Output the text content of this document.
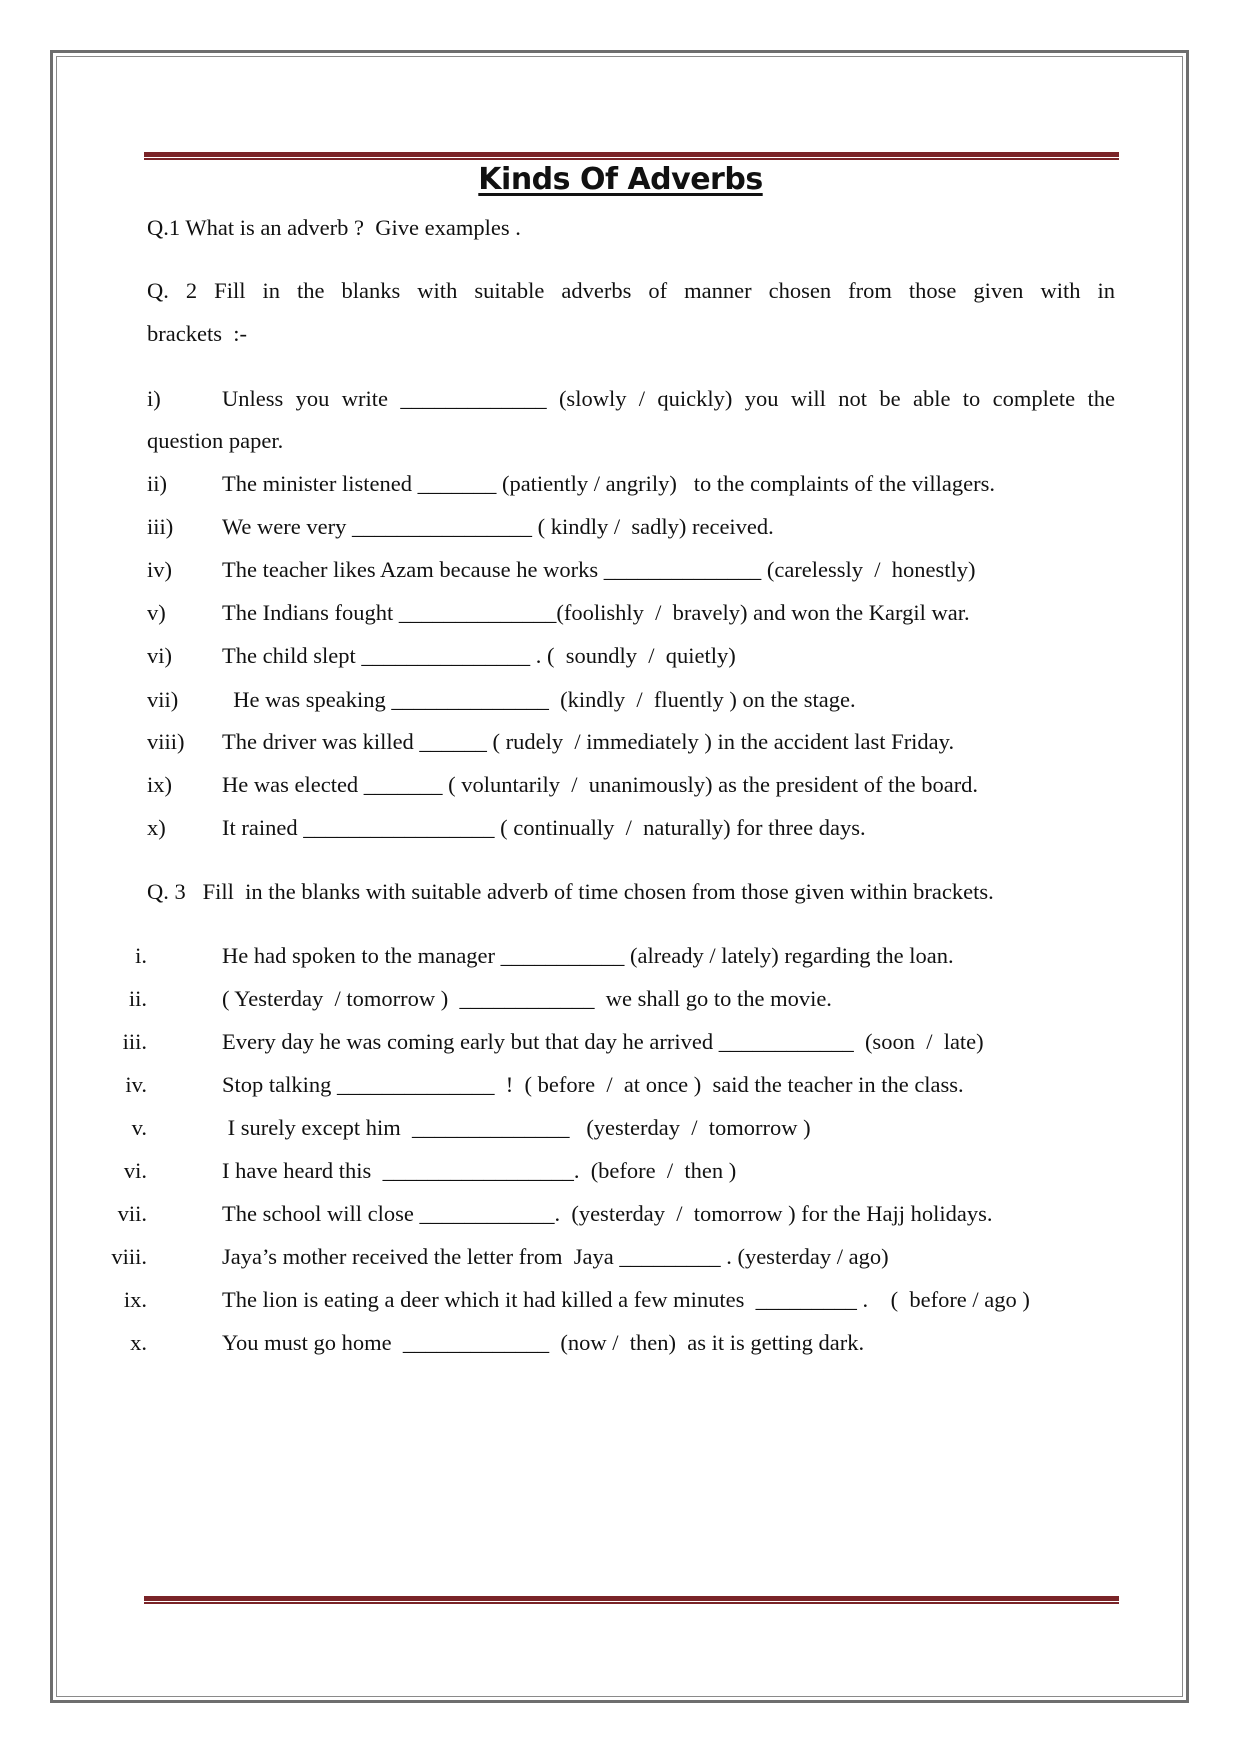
Kinds Of Adverbs
Q.1 What is an adverb ?  Give examples .
Q. 2 Fill in the blanks with suitable adverbs of manner chosen from those given with in
brackets  :-
i)	Unless you write _____________ (slowly / quickly) you will not be able to complete the
question paper.
ii) The minister listened _______ (patiently / angrily)   to the complaints of the villagers.
iii) We were very ________________ ( kindly /  sadly) received.
iv) The teacher likes Azam because he works ______________ (carelessly  /  honestly)
v)	The Indians fought ______________(foolishly  /  bravely) and won the Kargil war.
vi) The child slept _______________ . (  soundly  /  quietly)
vii) He was speaking ______________  (kindly  /  fluently ) on the stage.
viii) The driver was killed ______ ( rudely  / immediately ) in the accident last Friday.
ix) He was elected _______ ( voluntarily  /  unanimously) as the president of the board.
x)	It rained _________________ ( continually  /  naturally) for three days.
Q. 3   Fill  in the blanks with suitable adverb of time chosen from those given within brackets.
i.	He had spoken to the manager ___________ (already / lately) regarding the loan.
ii.	( Yesterday  / tomorrow )  ____________  we shall go to the movie.
iii.	Every day he was coming early but that day he arrived ____________  (soon  /  late)
iv.	Stop talking ______________  !  ( before  /  at once )  said the teacher in the class.
v.	I surely except him  ______________   (yesterday  /  tomorrow )
vi.	I have heard this  _________________.  (before  /  then )
vii.	The school will close ____________.  (yesterday  /  tomorrow ) for the Hajj holidays.
viii.	Jaya’s mother received the letter from  Jaya _________ . (yesterday / ago)
ix.	The lion is eating a deer which it had killed a few minutes  _________ .    (  before / ago )
x.	You must go home  _____________  (now /  then)  as it is getting dark.
